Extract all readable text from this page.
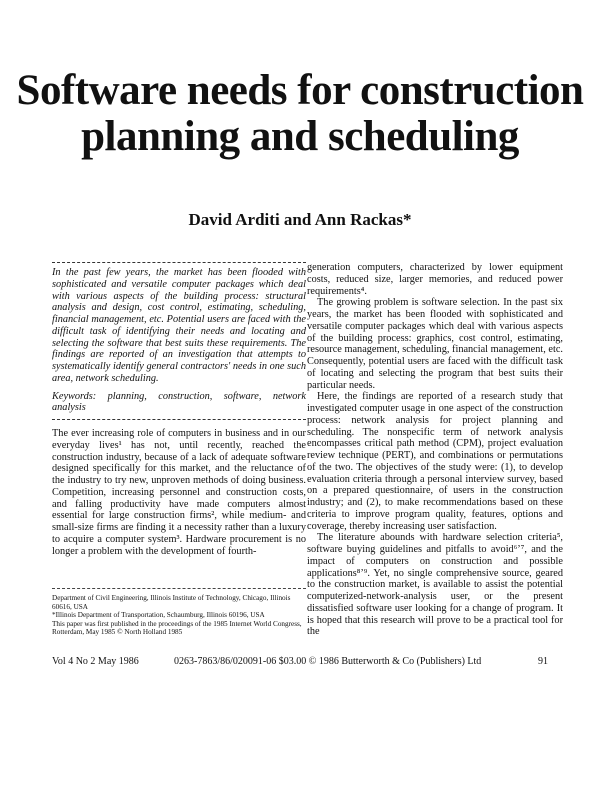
Software needs for construction planning and scheduling
David Arditi and Ann Rackas*

In the past few years, the market has been flooded with sophisticated and versatile computer packages which deal with various aspects of the building process: structural analysis and design, cost control, estimating, scheduling, financial management, etc. Potential users are faced with the difficult task of identifying their needs and locating and selecting the software that best suits these requirements. The findings are reported of an investigation that attempts to systematically identify general contractors' needs in one such area, network scheduling.

Keywords: planning, construction, software, network analysis

The ever increasing role of computers in business and in our everyday lives¹ has not, until recently, reached the construction industry, because of a lack of adequate software designed specifically for this market, and the reluctance of the industry to try new, unproven methods of doing business. Competition, increasing personnel and construction costs, and falling productivity have made computers almost essential for large construction firms², while medium- and small-size firms are finding it a necessity rather than a luxury to acquire a computer system³. Hardware procurement is no longer a problem with the development of fourth-

Department of Civil Engineering, Illinois Institute of Technology, Chicago, Illinois 60616, USA

*Illinois Department of Transportation, Schaumburg, Illinois 60196, USA

This paper was first published in the proceedings of the 1985 Internet World Congress, Rotterdam, May 1985 © North Holland 1985

generation computers, characterized by lower equipment costs, reduced size, larger memories, and reduced power requirements⁴.

The growing problem is software selection. In the past six years, the market has been flooded with sophisticated and versatile computer packages which deal with various aspects of the building process: graphics, cost control, estimating, resource management, scheduling, financial management, etc. Consequently, potential users are faced with the difficult task of locating and selecting the program that best suits their particular needs.

Here, the findings are reported of a research study that investigated computer usage in one aspect of the construction process: network analysis for project planning and scheduling. The nonspecific term of network analysis encompasses critical path method (CPM), project evaluation review technique (PERT), and combinations or permutations of the two. The objectives of the study were: (1), to develop evaluation criteria through a personal interview survey, based on a prepared questionnaire, of users in the construction industry; and (2), to make recommendations based on these criteria to improve program quality, features, options and coverage, thereby increasing user satisfaction.

The literature abounds with hardware selection criteria⁵, software buying guidelines and pitfalls to avoid⁶ʼ⁷, and the impact of computers on construction and possible applications⁸ʼ⁹. Yet, no single comprehensive source, geared to the construction market, is available to assist the potential computerized-network-analysis user, or the present dissatisfied software user looking for a change of program. It is hoped that this research will prove to be a practical tool for the

Vol 4 No 2 May 1986	0263-7863/86/020091-06 $03.00 © 1986 Butterworth & Co (Publishers) Ltd	91
